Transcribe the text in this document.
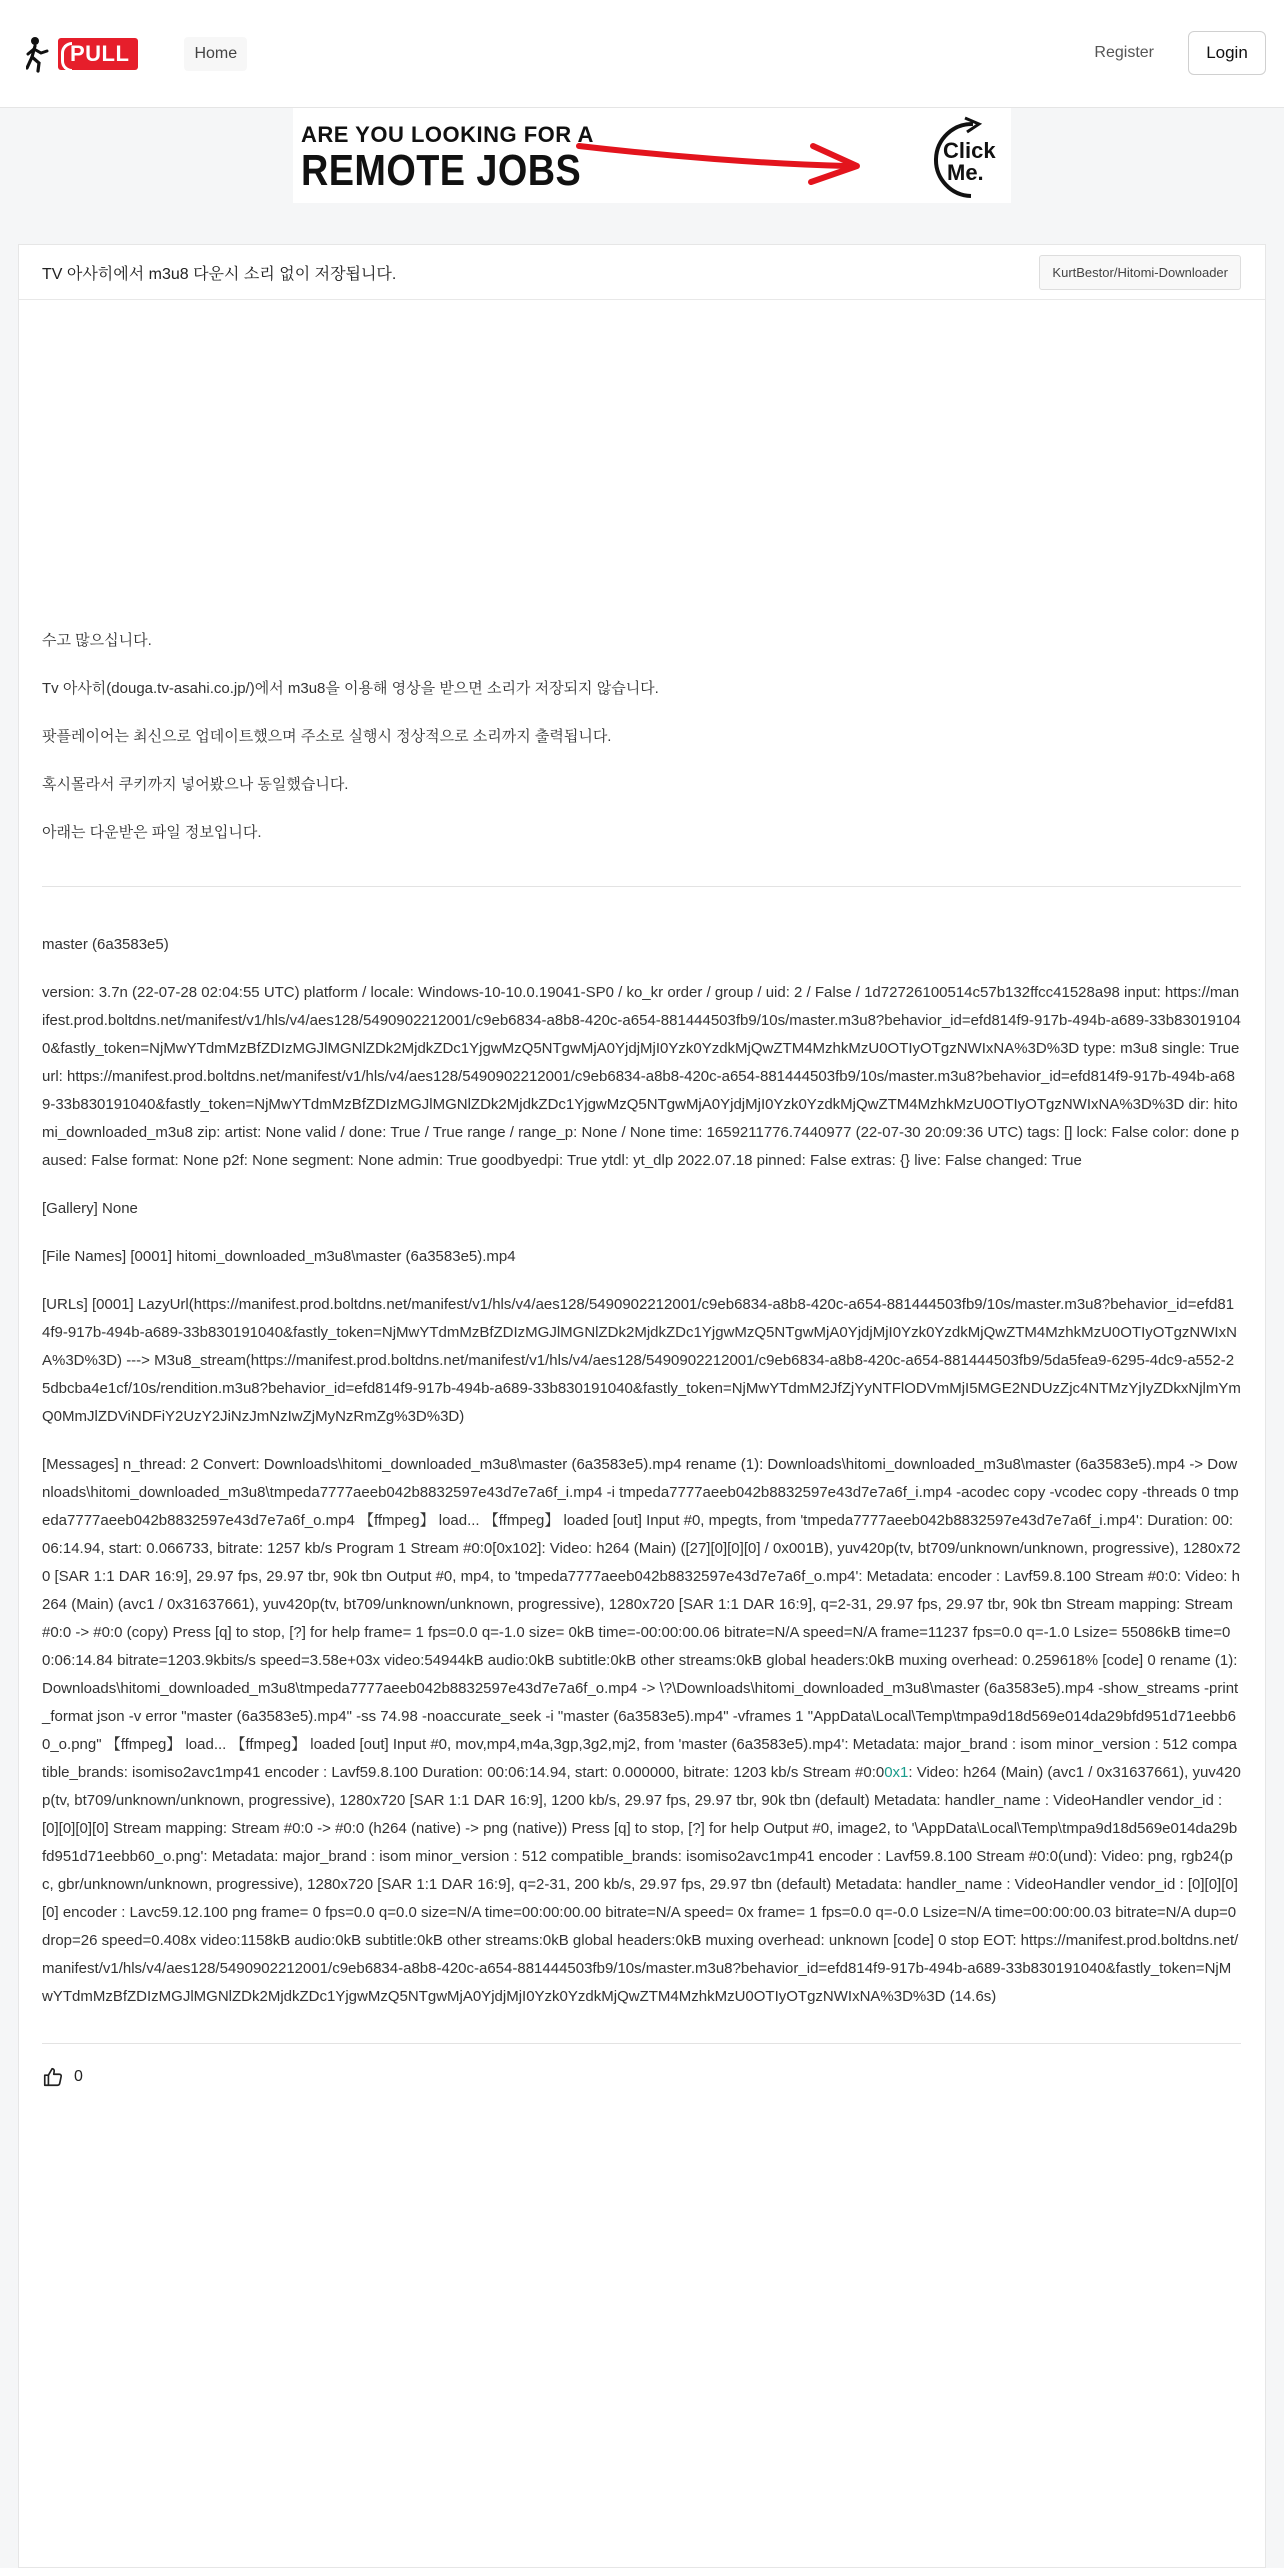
PULL	Home	Register	Login
ARE YOU LOOKING FOR A
REMOTE JOBS	Click
Me.
TV 아사히에서 m3u8 다운시 소리 없이 저장됩니다.	KurtBestor/Hitomi-Downloader

수고 많으십니다.

Tv 아사히(douga.tv-asahi.co.jp/)에서 m3u8을 이용해 영상을 받으면 소리가 저장되지 않습니다.

팟플레이어는 최신으로 업데이트했으며 주소로 실행시 정상적으로 소리까지 출력됩니다.

혹시몰라서 쿠키까지 넣어봤으나 동일했습니다.

아래는 다운받은 파일 정보입니다.

master (6a3583e5)

version: 3.7n (22-07-28 02:04:55 UTC) platform / locale: Windows-10-10.0.19041-SP0 / ko_kr order / group / uid: 2 / False / 1d72726100514c57b132ffcc41528a98 input: https://manifest.prod.boltdns.net/manifest/v1/hls/v4/aes128/5490902212001/c9eb6834-a8b8-420c-a654-881444503fb9/10s/master.m3u8?behavior_id=efd814f9-917b-494b-a689-33b830191040&fastly_token=NjMwYTdmMzBfZDIzMGJlMGNlZDk2MjdkZDc1YjgwMzQ5NTgwMjA0YjdjMjI0Yzk0YzdkMjQwZTM4MzhkMzU0OTIyOTgzNWIxNA%3D%3D type: m3u8 single: True url: https://manifest.prod.boltdns.net/manifest/v1/hls/v4/aes128/5490902212001/c9eb6834-a8b8-420c-a654-881444503fb9/10s/master.m3u8?behavior_id=efd814f9-917b-494b-a689-33b830191040&fastly_token=NjMwYTdmMzBfZDIzMGJlMGNlZDk2MjdkZDc1YjgwMzQ5NTgwMjA0YjdjMjI0Yzk0YzdkMjQwZTM4MzhkMzU0OTIyOTgzNWIxNA%3D%3D dir: hitomi_downloaded_m3u8 zip: artist: None valid / done: True / True range / range_p: None / None time: 1659211776.7440977 (22-07-30 20:09:36 UTC) tags: [] lock: False color: done paused: False format: None p2f: None segment: None admin: True goodbyedpi: True ytdl: yt_dlp 2022.07.18 pinned: False extras: {} live: False changed: True

[Gallery] None

[File Names] [0001] hitomi_downloaded_m3u8\master (6a3583e5).mp4

[URLs] [0001] LazyUrl(https://manifest.prod.boltdns.net/manifest/v1/hls/v4/aes128/5490902212001/c9eb6834-a8b8-420c-a654-881444503fb9/10s/master.m3u8?behavior_id=efd814f9-917b-494b-a689-33b830191040&fastly_token=NjMwYTdmMzBfZDIzMGJlMGNlZDk2MjdkZDc1YjgwMzQ5NTgwMjA0YjdjMjI0Yzk0YzdkMjQwZTM4MzhkMzU0OTIyOTgzNWIxNA%3D%3D) ---> M3u8_stream(https://manifest.prod.boltdns.net/manifest/v1/hls/v4/aes128/5490902212001/c9eb6834-a8b8-420c-a654-881444503fb9/5da5fea9-6295-4dc9-a552-25dbcba4e1cf/10s/rendition.m3u8?behavior_id=efd814f9-917b-494b-a689-33b830191040&fastly_token=NjMwYTdmM2JfZjYyNTFlODVmMjI5MGE2NDUzZjc4NTMzYjIyZDkxNjlmYmQ0MmJlZDViNDFiY2UzY2JiNzJmNzIwZjMyNzRmZg%3D%3D)

[Messages] n_thread: 2 Convert: Downloads\hitomi_downloaded_m3u8\master (6a3583e5).mp4 rename (1): Downloads\hitomi_downloaded_m3u8\master (6a3583e5).mp4 -> Downloads\hitomi_downloaded_m3u8\tmpeda7777aeeb042b8832597e43d7e7a6f_i.mp4 -i tmpeda7777aeeb042b8832597e43d7e7a6f_i.mp4 -acodec copy -vcodec copy -threads 0 tmpeda7777aeeb042b8832597e43d7e7a6f_o.mp4 【ffmpeg】 load... 【ffmpeg】 loaded [out] Input #0, mpegts, from 'tmpeda7777aeeb042b8832597e43d7e7a6f_i.mp4': Duration: 00:06:14.94, start: 0.066733, bitrate: 1257 kb/s Program 1 Stream #0:0[0x102]: Video: h264 (Main) ([27][0][0][0] / 0x001B), yuv420p(tv, bt709/unknown/unknown, progressive), 1280x720 [SAR 1:1 DAR 16:9], 29.97 fps, 29.97 tbr, 90k tbn Output #0, mp4, to 'tmpeda7777aeeb042b8832597e43d7e7a6f_o.mp4': Metadata: encoder : Lavf59.8.100 Stream #0:0: Video: h264 (Main) (avc1 / 0x31637661), yuv420p(tv, bt709/unknown/unknown, progressive), 1280x720 [SAR 1:1 DAR 16:9], q=2-31, 29.97 fps, 29.97 tbr, 90k tbn Stream mapping: Stream #0:0 -> #0:0 (copy) Press [q] to stop, [?] for help frame= 1 fps=0.0 q=-1.0 size= 0kB time=-00:00:00.06 bitrate=N/A speed=N/A frame=11237 fps=0.0 q=-1.0 Lsize= 55086kB time=00:06:14.84 bitrate=1203.9kbits/s speed=3.58e+03x video:54944kB audio:0kB subtitle:0kB other streams:0kB global headers:0kB muxing overhead: 0.259618% [code] 0 rename (1): Downloads\hitomi_downloaded_m3u8\tmpeda7777aeeb042b8832597e43d7e7a6f_o.mp4 -> \?\Downloads\hitomi_downloaded_m3u8\master (6a3583e5).mp4 -show_streams -print_format json -v error "master (6a3583e5).mp4" -ss 74.98 -noaccurate_seek -i "master (6a3583e5).mp4" -vframes 1 "AppData\Local\Temp\tmpa9d18d569e014da29bfd951d71eebb60_o.png" 【ffmpeg】 load... 【ffmpeg】 loaded [out] Input #0, mov,mp4,m4a,3gp,3g2,mj2, from 'master (6a3583e5).mp4': Metadata: major_brand : isom minor_version : 512 compatible_brands: isomiso2avc1mp41 encoder : Lavf59.8.100 Duration: 00:06:14.94, start: 0.000000, bitrate: 1203 kb/s Stream #0:00x1: Video: h264 (Main) (avc1 / 0x31637661), yuv420p(tv, bt709/unknown/unknown, progressive), 1280x720 [SAR 1:1 DAR 16:9], 1200 kb/s, 29.97 fps, 29.97 tbr, 90k tbn (default) Metadata: handler_name : VideoHandler vendor_id : [0][0][0][0] Stream mapping: Stream #0:0 -> #0:0 (h264 (native) -> png (native)) Press [q] to stop, [?] for help Output #0, image2, to '\AppData\Local\Temp\tmpa9d18d569e014da29bfd951d71eebb60_o.png': Metadata: major_brand : isom minor_version : 512 compatible_brands: isomiso2avc1mp41 encoder : Lavf59.8.100 Stream #0:0(und): Video: png, rgb24(pc, gbr/unknown/unknown, progressive), 1280x720 [SAR 1:1 DAR 16:9], q=2-31, 200 kb/s, 29.97 fps, 29.97 tbn (default) Metadata: handler_name : VideoHandler vendor_id : [0][0][0][0] encoder : Lavc59.12.100 png frame= 0 fps=0.0 q=0.0 size=N/A time=00:00:00.00 bitrate=N/A speed= 0x frame= 1 fps=0.0 q=-0.0 Lsize=N/A time=00:00:00.03 bitrate=N/A dup=0 drop=26 speed=0.408x video:1158kB audio:0kB subtitle:0kB other streams:0kB global headers:0kB muxing overhead: unknown [code] 0 stop EOT: https://manifest.prod.boltdns.net/manifest/v1/hls/v4/aes128/5490902212001/c9eb6834-a8b8-420c-a654-881444503fb9/10s/master.m3u8?behavior_id=efd814f9-917b-494b-a689-33b830191040&fastly_token=NjMwYTdmMzBfZDIzMGJlMGNlZDk2MjdkZDc1YjgwMzQ5NTgwMjA0YjdjMjI0Yzk0YzdkMjQwZTM4MzhkMzU0OTIyOTgzNWIxNA%3D%3D (14.6s)

0
